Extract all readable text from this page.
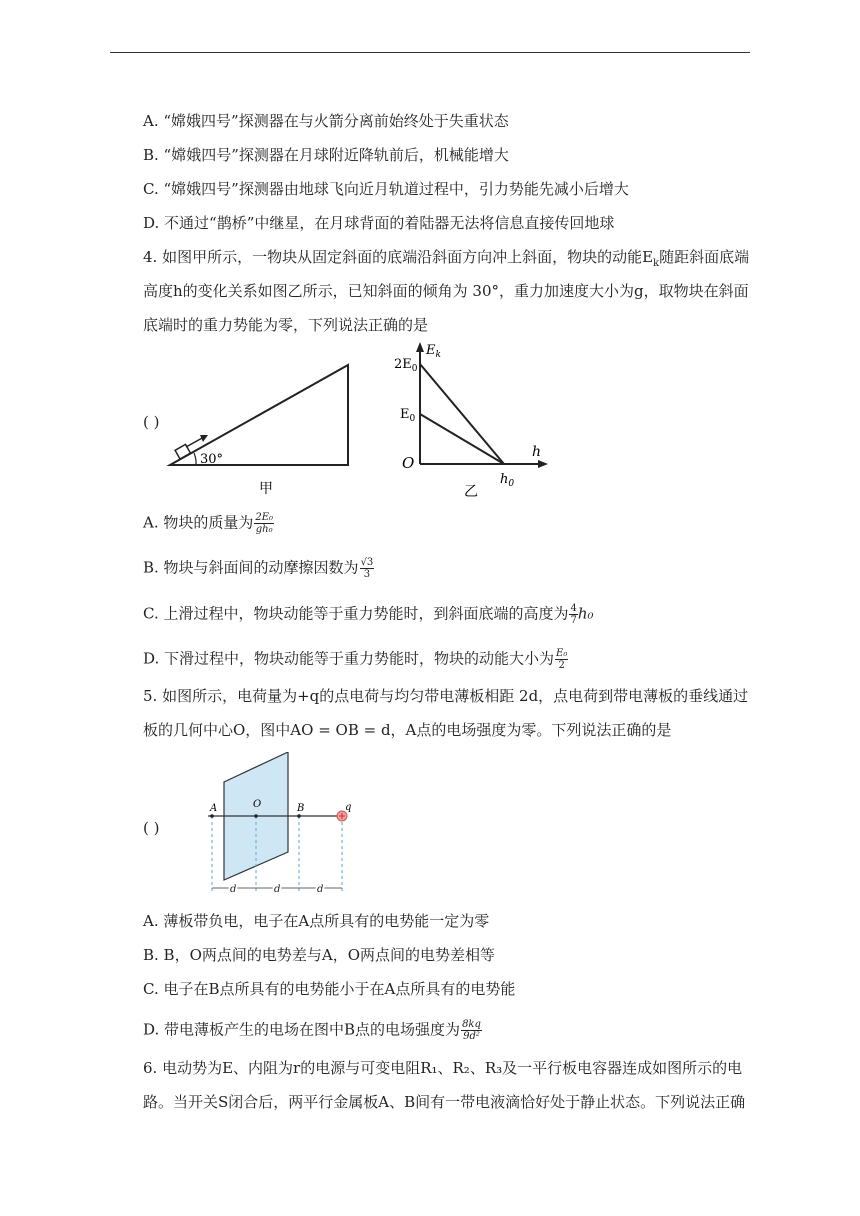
A. “嫦娥四号”探测器在与火箭分离前始终处于失重状态
B. “嫦娥四号”探测器在月球附近降轨前后，机械能增大
C. “嫦娥四号”探测器由地球飞向近月轨道过程中，引力势能先减小后增大
D. 不通过“鹊桥”中继星，在月球背面的着陆器无法将信息直接传回地球
4. 如图甲所示，一物块从固定斜面的底端沿斜面方向冲上斜面，物块的动能$E_k$随距斜面底端
高度h的变化关系如图乙所示，已知斜面的倾角为 30°，重力加速度大小为g，取物块在斜面
底端时的重力势能为零，下列说法正确的是
( )
30°
甲
$E_k$
$2E_0$
$E_0$
O
h
$h_0$
乙
A. 物块的质量为 $\frac{\text{2E₀}}{\text{gh₀}}$
B. 物块与斜面间的动摩擦因数为 $\frac{√3}{3}$
C. 上滑过程中，物块动能等于重力势能时，到斜面底端的高度为 $\frac{4}{7} h_0$
D. 下滑过程中，物块动能等于重力势能时，物块的动能大小为 $\frac{\text{E₀}}{2}$
5. 如图所示，电荷量为+q的点电荷与均匀带电薄板相距 2d，点电荷到带电薄板的垂线通过
板的几何中心O，图中AO = OB = d，A点的电场强度为零。下列说法正确的是
( )
A	O	B	q
d	d	d
A. 薄板带负电，电子在A点所具有的电势能一定为零
B. B，O两点间的电势差与A，O两点间的电势差相等
C. 电子在B点所具有的电势能小于在A点所具有的电势能
D. 带电薄板产生的电场在图中B点的电场强度为 $\frac{8kq}{\text{9d²}}$
6. 电动势为E、内阻为r的电源与可变电阻R₁、R₂、R₃及一平行板电容器连成如图所示的电
路。当开关S闭合后，两平行金属板A、B间有一带电液滴恰好处于静止状态。下列说法正确
